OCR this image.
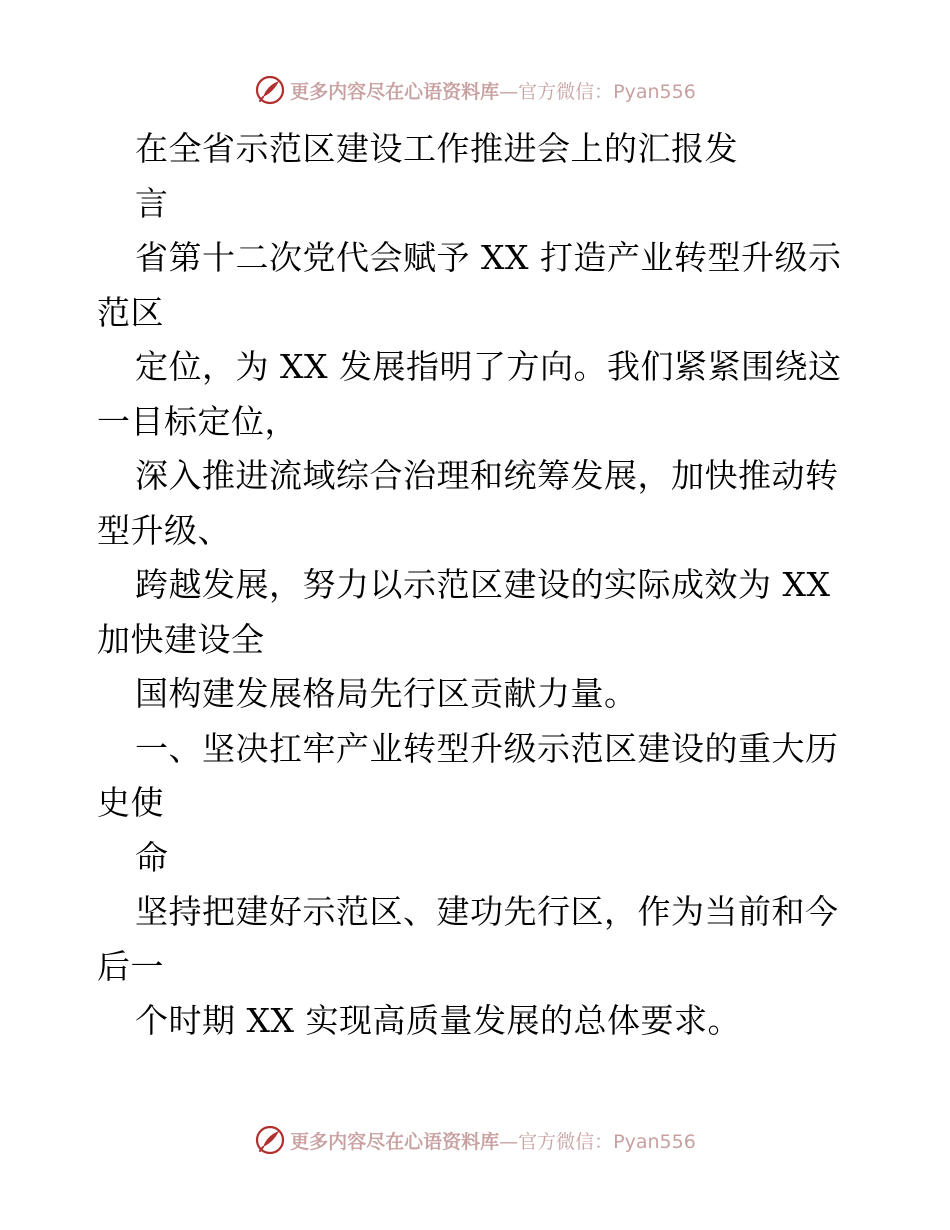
更多内容尽在心语资料库 —官方微信：Pyan556
在全省示范区建设工作推进会上的汇报发
言
省第十二次党代会赋予 XX 打造产业转型升级示
范区
定位，为 XX 发展指明了方向。我们紧紧围绕这
一目标定位，
深入推进流域综合治理和统筹发展，加快推动转
型升级、
跨越发展，努力以示范区建设的实际成效为 XX
加快建设全
国构建发展格局先行区贡献力量。
一、坚决扛牢产业转型升级示范区建设的重大历
史使
命
坚持把建好示范区、建功先行区，作为当前和今
后一
个时期 XX 实现高质量发展的总体要求。
更多内容尽在心语资料库 —官方微信：Pyan556
